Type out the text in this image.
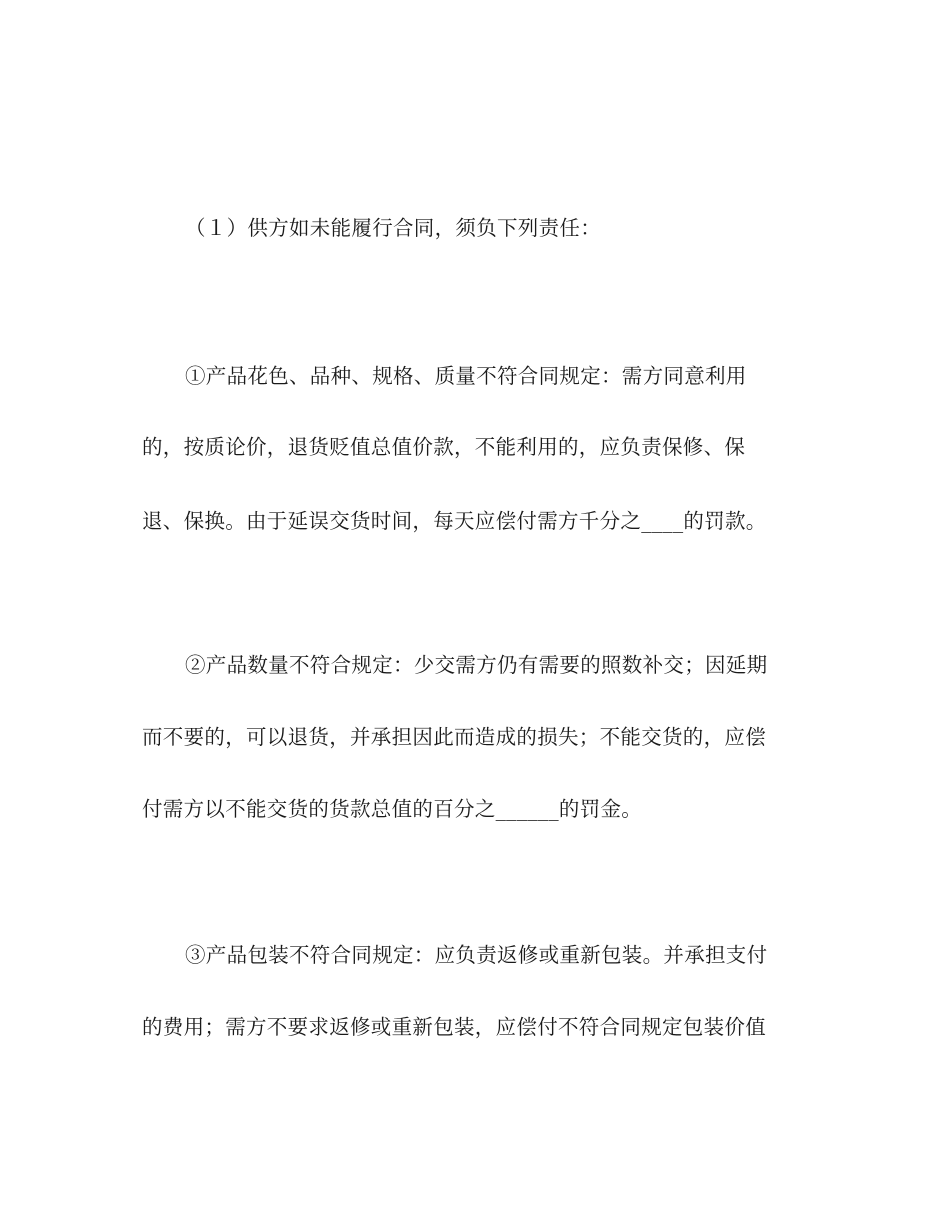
（１）供方如未能履行合同，须负下列责任：
①产品花色、品种、规格、质量不符合同规定：需方同意利用
的，按质论价，退货贬值总值价款，不能利用的，应负责保修、保
退、保换。由于延误交货时间，每天应偿付需方千分之____的罚款。
②产品数量不符合规定：少交需方仍有需要的照数补交；因延期
而不要的，可以退货，并承担因此而造成的损失；不能交货的，应偿
付需方以不能交货的货款总值的百分之______的罚金。
③产品包装不符合同规定：应负责返修或重新包装。并承担支付
的费用；需方不要求返修或重新包装，应偿付不符合同规定包装价值
